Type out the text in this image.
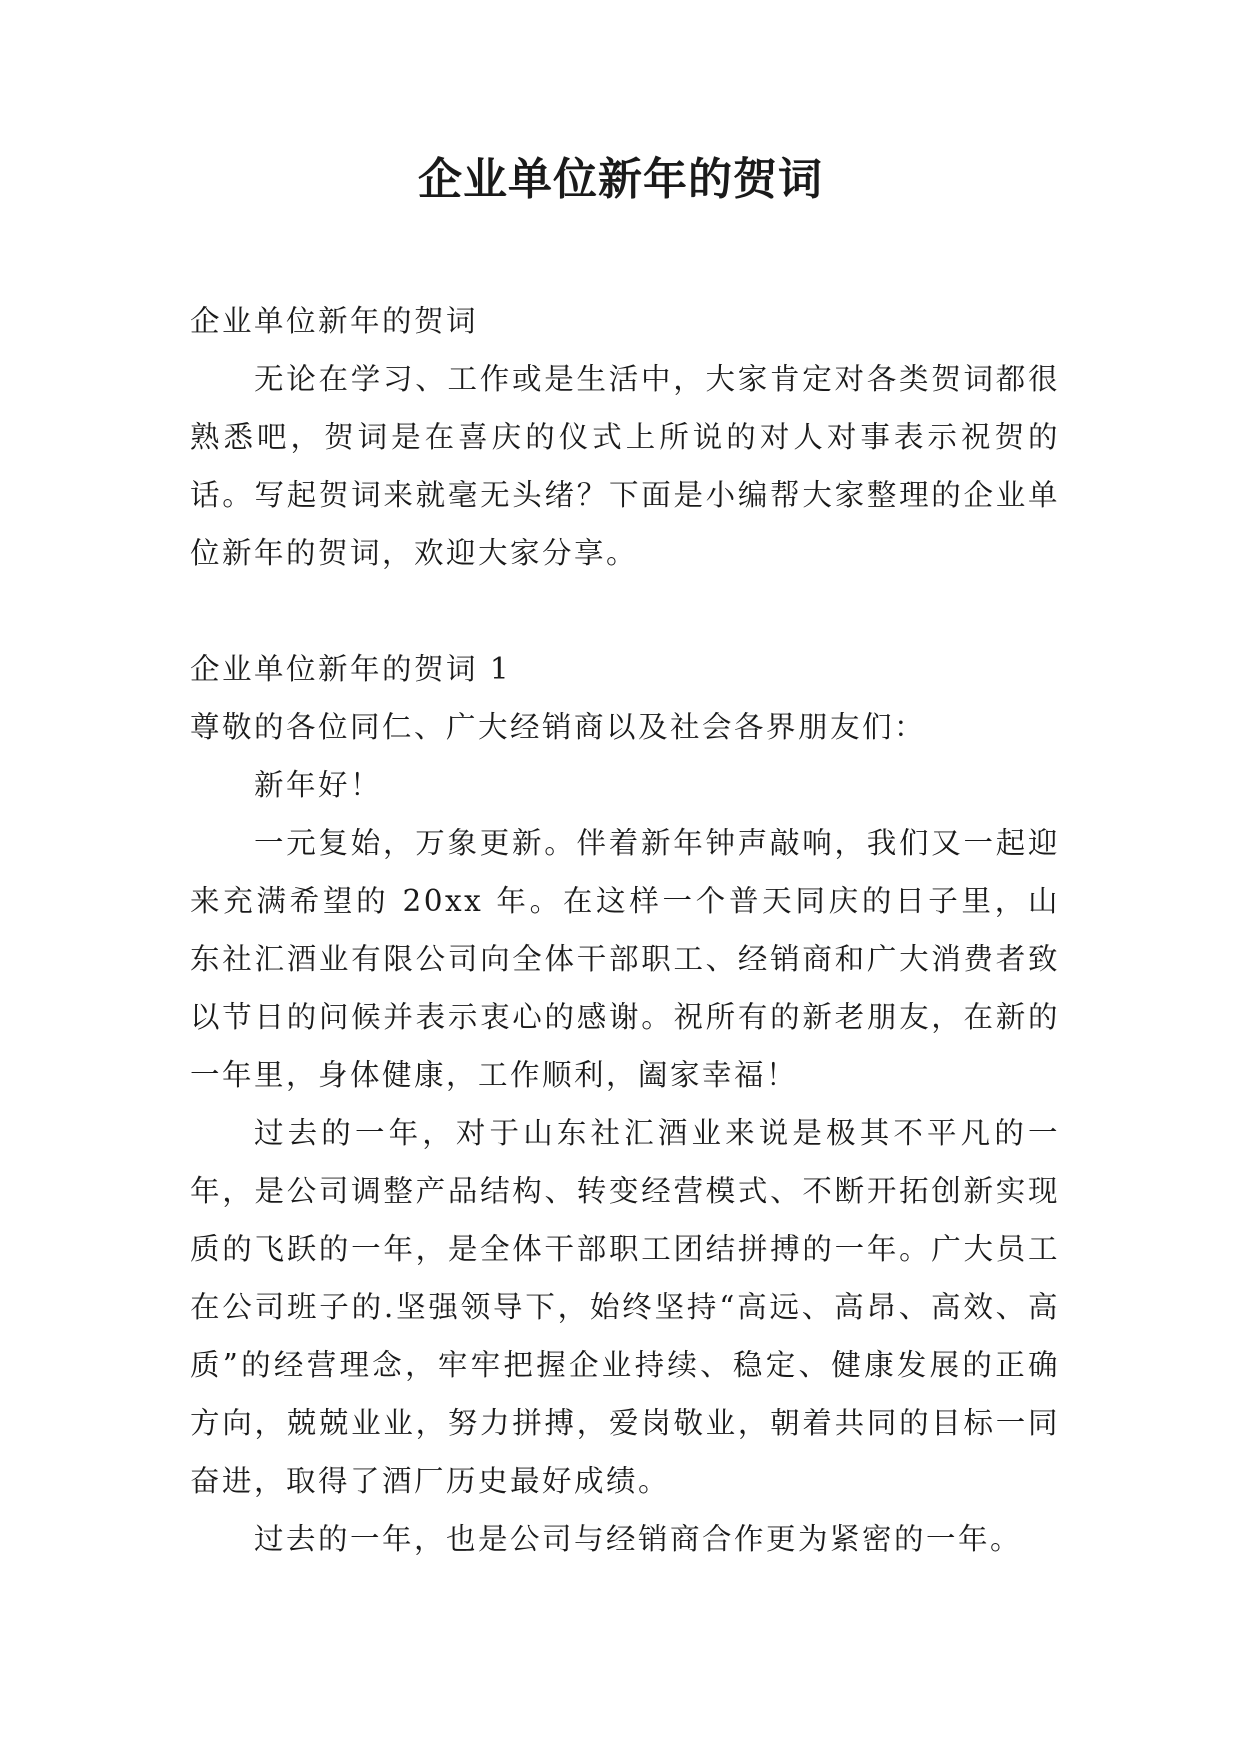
企业单位新年的贺词

企业单位新年的贺词

无论在学习、工作或是生活中，大家肯定对各类贺词都很熟悉吧，贺词是在喜庆的仪式上所说的对人对事表示祝贺的话。写起贺词来就毫无头绪？下面是小编帮大家整理的企业单位新年的贺词，欢迎大家分享。

企业单位新年的贺词 1

尊敬的各位同仁、广大经销商以及社会各界朋友们：

新年好！

一元复始，万象更新。伴着新年钟声敲响，我们又一起迎来充满希望的 20xx 年。在这样一个普天同庆的日子里，山东社汇酒业有限公司向全体干部职工、经销商和广大消费者致以节日的问候并表示衷心的感谢。祝所有的新老朋友，在新的一年里，身体健康，工作顺利，阖家幸福！

过去的一年，对于山东社汇酒业来说是极其不平凡的一年，是公司调整产品结构、转变经营模式、不断开拓创新实现质的飞跃的一年，是全体干部职工团结拼搏的一年。广大员工在公司班子的.坚强领导下，始终坚持“高远、高昂、高效、高质”的经营理念，牢牢把握企业持续、稳定、健康发展的正确方向，兢兢业业，努力拼搏，爱岗敬业，朝着共同的目标一同奋进，取得了酒厂历史最好成绩。

过去的一年，也是公司与经销商合作更为紧密的一年。
